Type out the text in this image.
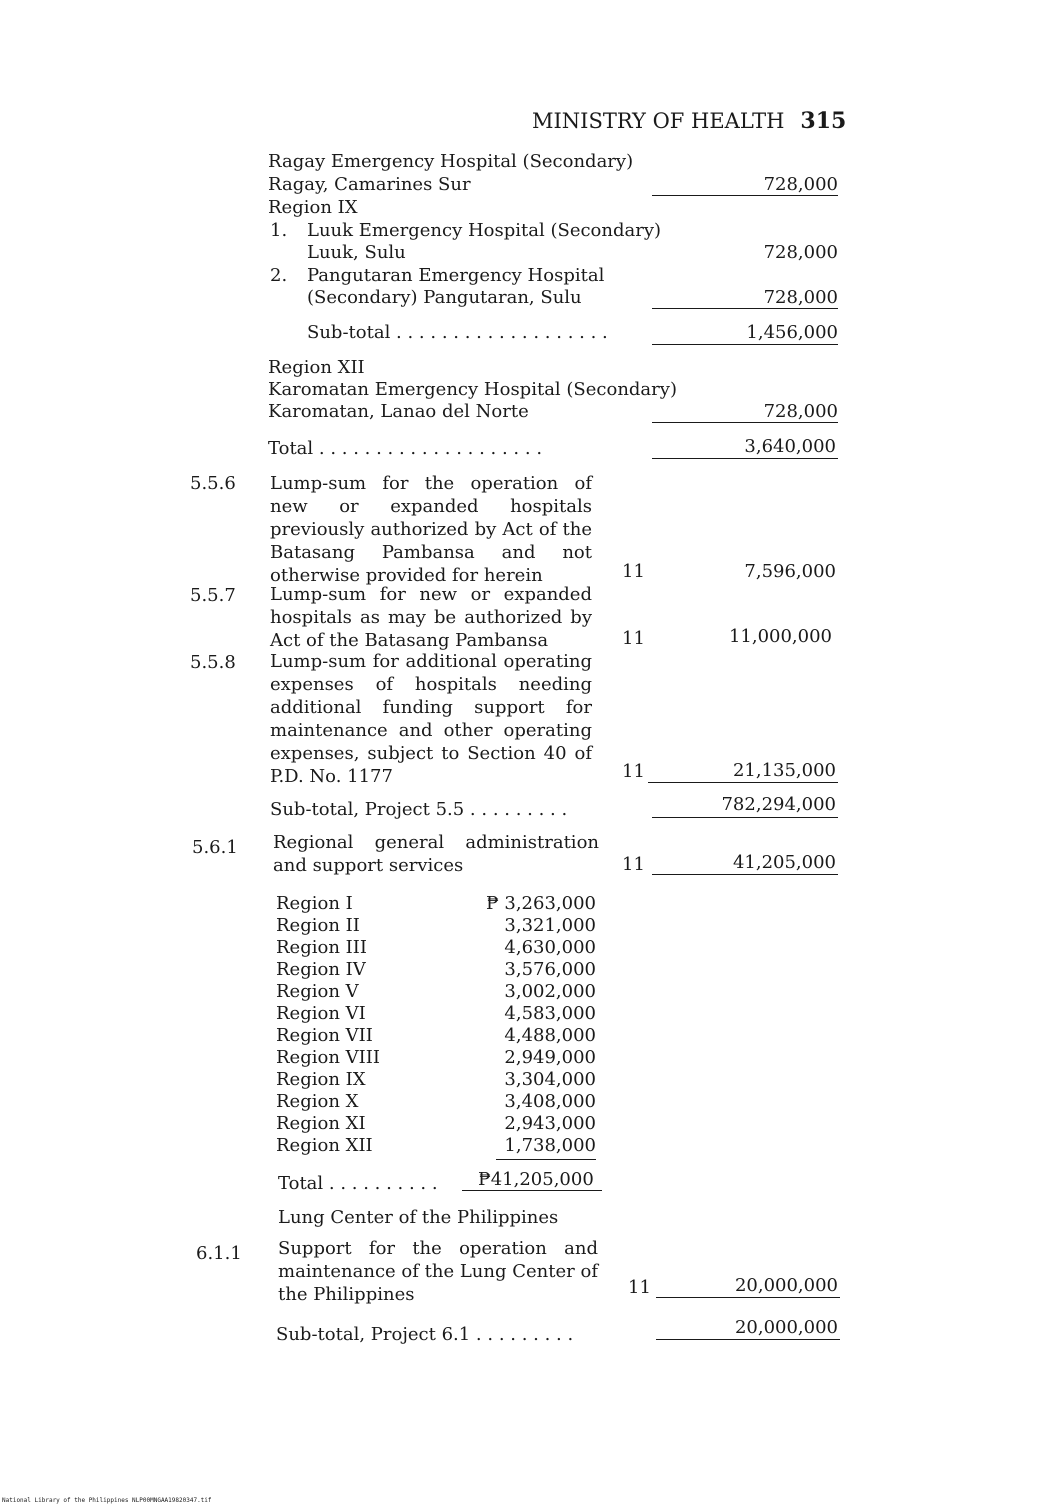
MINISTRY OF HEALTH 315
Ragay Emergency Hospital (Secondary)
Ragay, Camarines Sur	728,000
Region IX
1. Luuk Emergency Hospital (Secondary)
Luuk, Sulu	728,000
2. Pangutaran Emergency Hospital
(Secondary) Pangutaran, Sulu	728,000
Sub-total . . . . . . . . . . . . . . . . . . .	1,456,000
Region XII
Karomatan Emergency Hospital (Secondary)
Karomatan, Lanao del Norte	728,000
Total . . . . . . . . . . . . . . . . . . . .	3,640,000
5.5.6 Lump-sum for the operation of new or expanded hospitals previously authorized by Act of the Batasang Pambansa and not otherwise provided for herein	11	7,596,000
5.5.7 Lump-sum for new or expanded hospitals as may be authorized by Act of the Batasang Pambansa	11	11,000,000
5.5.8 Lump-sum for additional operating expenses of hospitals needing additional funding support for maintenance and other operating expenses, subject to Section 40 of P.D. No. 1177	11	21,135,000
Sub-total, Project 5.5 . . . . . . . . .	782,294,000
5.6.1 Regional general administration and support services	11	41,205,000
Region I	₱ 3,263,000
Region II	3,321,000
Region III	4,630,000
Region IV	3,576,000
Region V	3,002,000
Region VI	4,583,000
Region VII	4,488,000
Region VIII	2,949,000
Region IX	3,304,000
Region X	3,408,000
Region XI	2,943,000
Region XII	1,738,000
Total . . . . . . . . . . ₱41,205,000
Lung Center of the Philippines
6.1.1 Support for the operation and maintenance of the Lung Center of the Philippines	11	20,000,000
Sub-total, Project 6.1 . . . . . . . . .	20,000,000
National Library of the Philippines NLP00MNGAA19820347.tif
